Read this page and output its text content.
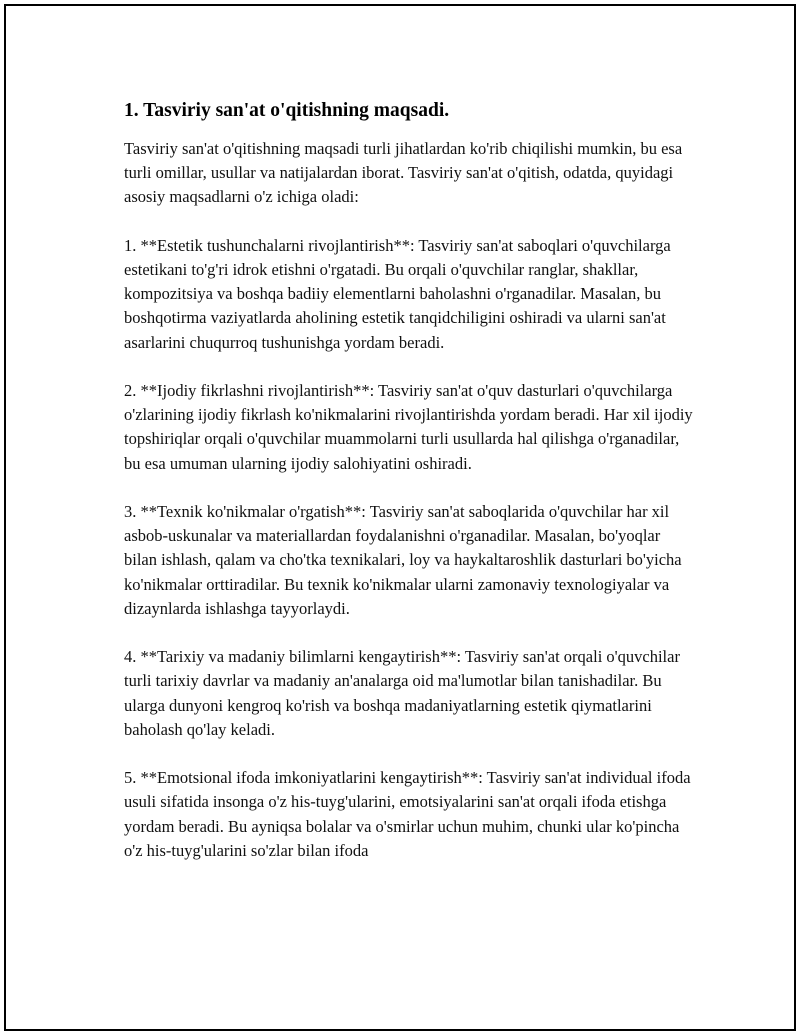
1. Tasviriy san'at o'qitishning maqsadi.

Tasviriy san'at o'qitishning maqsadi turli jihatlardan ko'rib chiqilishi mumkin, bu esa turli omillar, usullar va natijalardan iborat. Tasviriy san'at o'qitish, odatda, quyidagi asosiy maqsadlarni o'z ichiga oladi:

1. **Estetik tushunchalarni rivojlantirish**: Tasviriy san'at saboqlari o'quvchilarga estetikani to'g'ri idrok etishni o'rgatadi. Bu orqali o'quvchilar ranglar, shakllar, kompozitsiya va boshqa badiiy elementlarni baholashni o'rganadilar. Masalan, bu boshqotirma vaziyatlarda aholining estetik tanqidchiligini oshiradi va ularni san'at asarlarini chuqurroq tushunishga yordam beradi.

2. **Ijodiy fikrlashni rivojlantirish**: Tasviriy san'at o'quv dasturlari o'quvchilarga o'zlarining ijodiy fikrlash ko'nikmalarini rivojlantirishda yordam beradi. Har xil ijodiy topshiriqlar orqali o'quvchilar muammolarni turli usullarda hal qilishga o'rganadilar, bu esa umuman ularning ijodiy salohiyatini oshiradi.

3. **Texnik ko'nikmalar o'rgatish**: Tasviriy san'at saboqlarida o'quvchilar har xil asbob-uskunalar va materiallardan foydalanishni o'rganadilar. Masalan, bo'yoqlar bilan ishlash, qalam va cho'tka texnikalari, loy va haykaltaroshlik dasturlari bo'yicha ko'nikmalar orttiradilar. Bu texnik ko'nikmalar ularni zamonaviy texnologiyalar va dizaynlarda ishlashga tayyorlaydi.

4. **Tarixiy va madaniy bilimlarni kengaytirish**: Tasviriy san'at orqali o'quvchilar turli tarixiy davrlar va madaniy an'analarga oid ma'lumotlar bilan tanishadilar. Bu ularga dunyoni kengroq ko'rish va boshqa madaniyatlarning estetik qiymatlarini baholash qo'lay keladi.

5. **Emotsional ifoda imkoniyatlarini kengaytirish**: Tasviriy san'at individual ifoda usuli sifatida insonga o'z his-tuyg'ularini, emotsiyalarini san'at orqali ifoda etishga yordam beradi. Bu ayniqsa bolalar va o'smirlar uchun muhim, chunki ular ko'pincha o'z his-tuyg'ularini so'zlar bilan ifoda
